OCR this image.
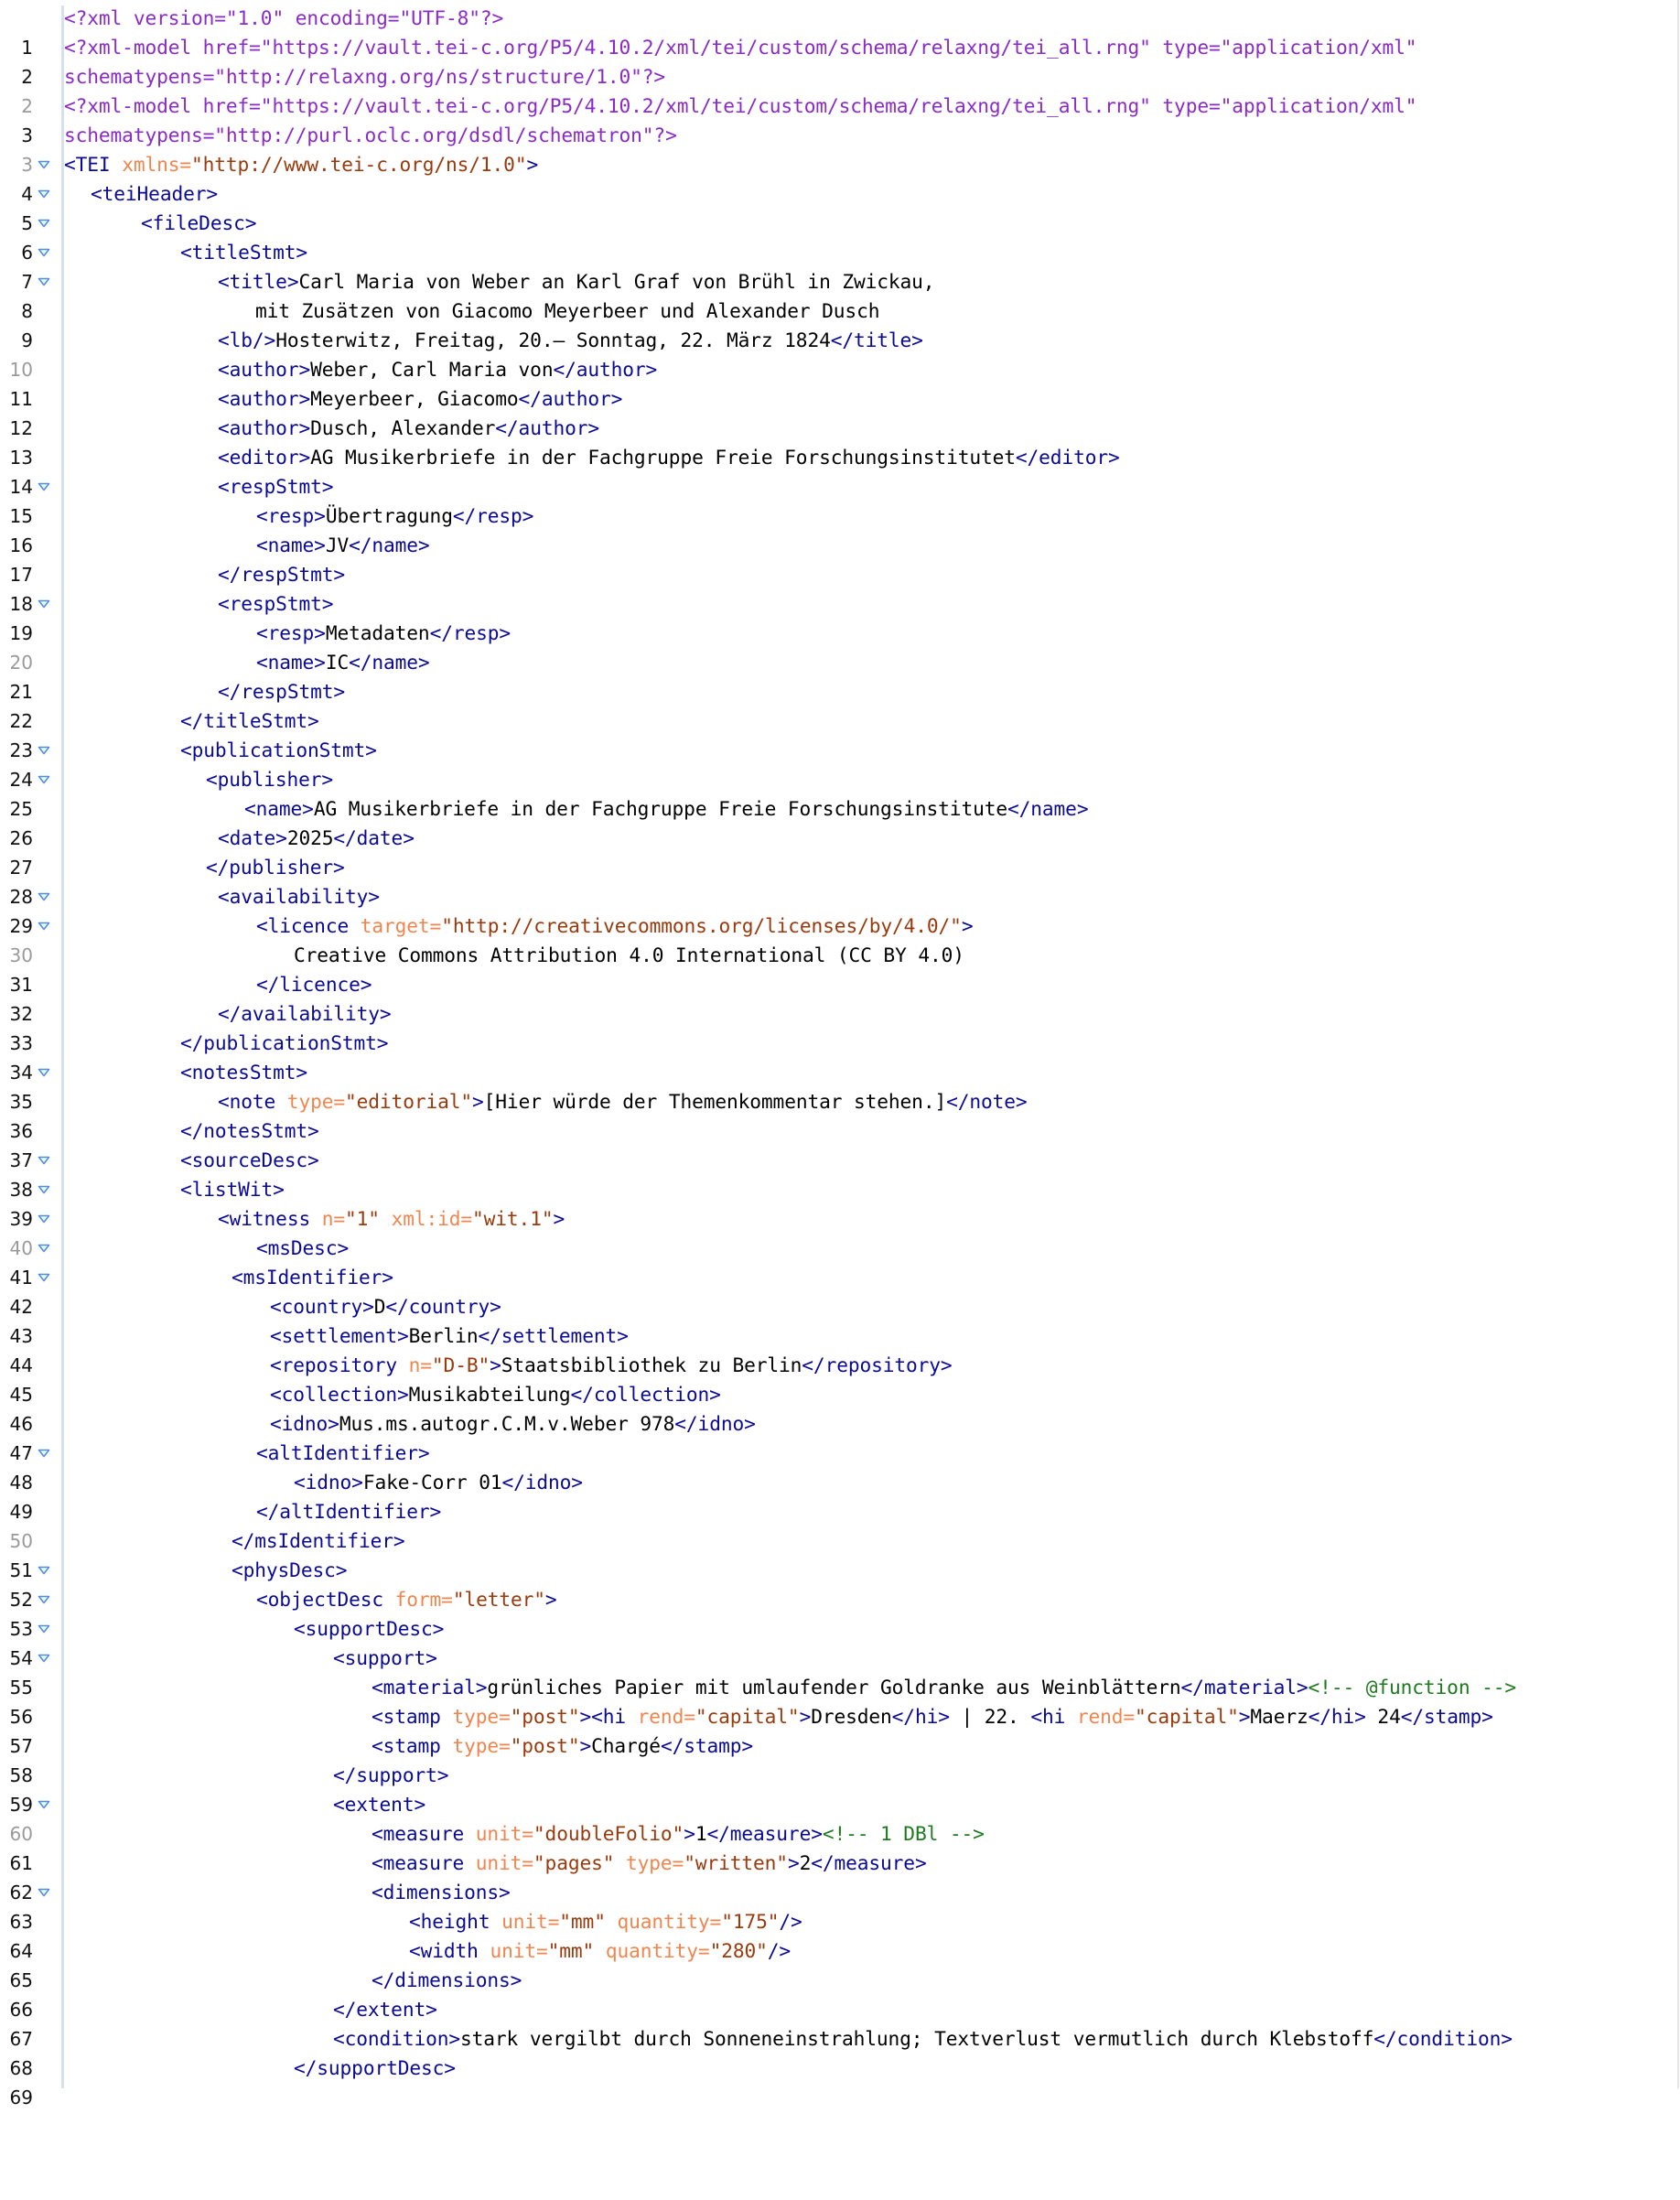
1

<?xml version="1.0" encoding="UTF-8"?>

2

<?xml-model href="https://vault.tei-c.org/P5/4.10.2/xml/tei/custom/schema/relaxng/tei_all.rng" type="application/xml"

2

schematypens="http://relaxng.org/ns/structure/1.0"?>

3

<?xml-model href="https://vault.tei-c.org/P5/4.10.2/xml/tei/custom/schema/relaxng/tei_all.rng" type="application/xml"

3

schematypens="http://purl.oclc.org/dsdl/schematron"?>

4

<TEI xmlns="http://www.tei-c.org/ns/1.0">

5

<teiHeader>

6

<fileDesc>

7

<titleStmt>

8

<title>Carl Maria von Weber an Karl Graf von Brühl in Zwickau,

9

mit Zusätzen von Giacomo Meyerbeer und Alexander Dusch

10

<lb/>Hosterwitz, Freitag, 20.– Sonntag, 22. März 1824</title>

11

<author>Weber, Carl Maria von</author>

12

<author>Meyerbeer, Giacomo</author>

13

<author>Dusch, Alexander</author>

14

<editor>AG Musikerbriefe in der Fachgruppe Freie Forschungsinstitutet</editor>

15

<respStmt>

16

<resp>Übertragung</resp>

17

<name>JV</name>

18

</respStmt>

19

<respStmt>

20

<resp>Metadaten</resp>

21

<name>IC</name>

22

</respStmt>

23

</titleStmt>

24

<publicationStmt>

25

<publisher>

26

<name>AG Musikerbriefe in der Fachgruppe Freie Forschungsinstitute</name>

27

<date>2025</date>

28

</publisher>

29

<availability>

30

<licence target="http://creativecommons.org/licenses/by/4.0/">

31

Creative Commons Attribution 4.0 International (CC BY 4.0)

32

</licence>

33

</availability>

34

</publicationStmt>

35

<notesStmt>

36

<note type="editorial">[Hier würde der Themenkommentar stehen.]</note>

37

</notesStmt>

38

<sourceDesc>

39

<listWit>

40

<witness n="1" xml:id="wit.1">

41

<msDesc>

42

<msIdentifier>

43

<country>D</country>

44

<settlement>Berlin</settlement>

45

<repository n="D-B">Staatsbibliothek zu Berlin</repository>

46

<collection>Musikabteilung</collection>

47

<idno>Mus.ms.autogr.C.M.v.Weber 978</idno>

48

<altIdentifier>

49

<idno>Fake-Corr 01</idno>

50

</altIdentifier>

51

</msIdentifier>

52

<physDesc>

53

<objectDesc form="letter">

54

<supportDesc>

55

<support>

56

<material>grünliches Papier mit umlaufender Goldranke aus Weinblättern</material><!-- @function -->

57

<stamp type="post"><hi rend="capital">Dresden</hi> | 22. <hi rend="capital">Maerz</hi> 24</stamp>

58

<stamp type="post">Chargé</stamp>

59

</support>

60

<extent>

61

<measure unit="doubleFolio">1</measure><!-- 1 DBl -->

62

<measure unit="pages" type="written">2</measure>

63

<dimensions>

64

<height unit="mm" quantity="175"/>

65

<width unit="mm" quantity="280"/>

66

</dimensions>

67

</extent>

68

<condition>stark vergilbt durch Sonneneinstrahlung; Textverlust vermutlich durch Klebstoff</condition>

69

</supportDesc>
